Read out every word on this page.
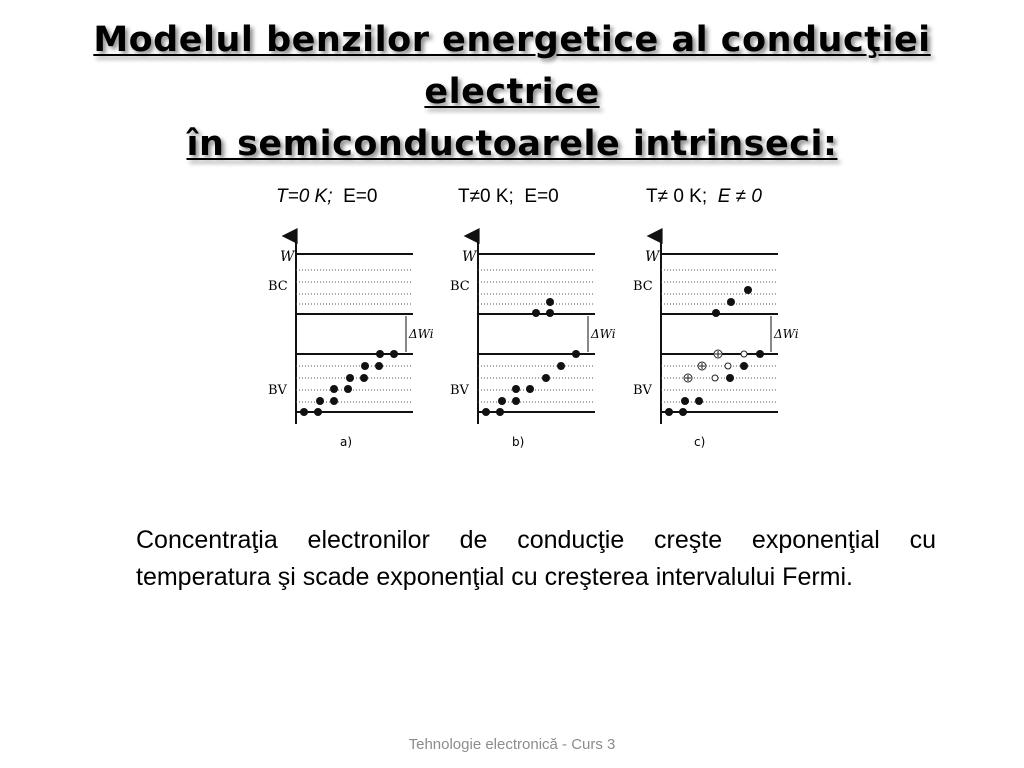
Modelul benzilor energetice al conducţiei electrice
în semiconductoarele intrinseci:
T=0 K; E=0	T≠0 K; E=0	T≠ 0 K; E ≠ 0
W
BC
ΔWi
BV
a)
W
BC
ΔWi
BV
b)
W
BC
ΔWi
BV
c)
Concentraţia electronilor de conducţie creşte exponenţial cu temperatura şi scade exponenţial cu creşterea intervalului Fermi.
Tehnologie electronică - Curs 3
